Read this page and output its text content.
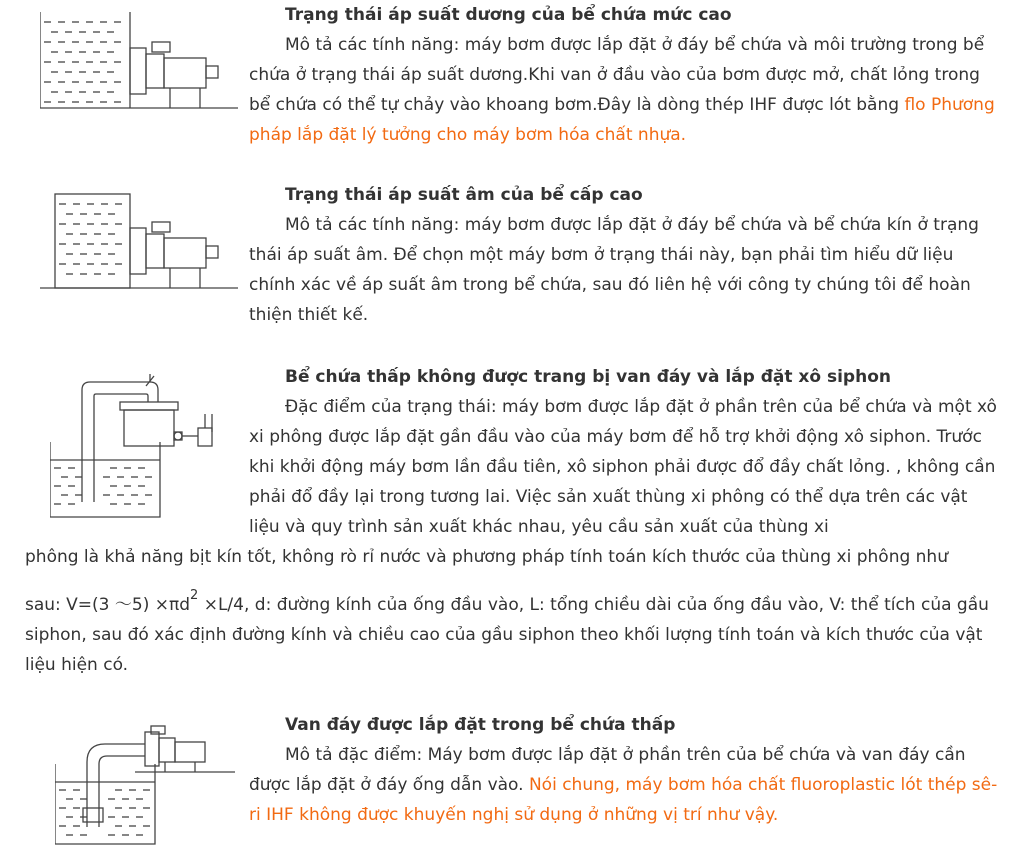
Trạng thái áp suất dương của bể chứa mức cao
Mô tả các tính năng: máy bơm được lắp đặt ở đáy bể chứa và môi trường trong bể chứa ở trạng thái áp suất dương.Khi van ở đầu vào của bơm được mở, chất lỏng trong bể chứa có thể tự chảy vào khoang bơm.Đây là dòng thép IHF được lót bằng flo Phương pháp lắp đặt lý tưởng cho máy bơm hóa chất nhựa.
Trạng thái áp suất âm của bể cấp cao
Mô tả các tính năng: máy bơm được lắp đặt ở đáy bể chứa và bể chứa kín ở trạng thái áp suất âm. Để chọn một máy bơm ở trạng thái này, bạn phải tìm hiểu dữ liệu chính xác về áp suất âm trong bể chứa, sau đó liên hệ với công ty chúng tôi để hoàn thiện thiết kế.
Bể chứa thấp không được trang bị van đáy và lắp đặt xô siphon
Đặc điểm của trạng thái: máy bơm được lắp đặt ở phần trên của bể chứa và một xô xi phông được lắp đặt gần đầu vào của máy bơm để hỗ trợ khởi động xô siphon. Trước khi khởi động máy bơm lần đầu tiên, xô siphon phải được đổ đầy chất lỏng. , không cần phải đổ đầy lại trong tương lai. Việc sản xuất thùng xi phông có thể dựa trên các vật liệu và quy trình sản xuất khác nhau, yêu cầu sản xuất của thùng xi
phông là khả năng bịt kín tốt, không rò rỉ nước và phương pháp tính toán kích thước của thùng xi phông như
sau: V=(3 ～5) $\times\pi d^2 \times L/4$, d: đường kính của ống đầu vào, L: tổng chiều dài của ống đầu vào, V: thể tích của gầu siphon, sau đó xác định đường kính và chiều cao của gầu siphon theo khối lượng tính toán và kích thước của vật liệu hiện có.
Van đáy được lắp đặt trong bể chứa thấp
Mô tả đặc điểm: Máy bơm được lắp đặt ở phần trên của bể chứa và van đáy cần được lắp đặt ở đáy ống dẫn vào. Nói chung, máy bơm hóa chất fluoroplastic lót thép sê-ri IHF không được khuyến nghị sử dụng ở những vị trí như vậy.
